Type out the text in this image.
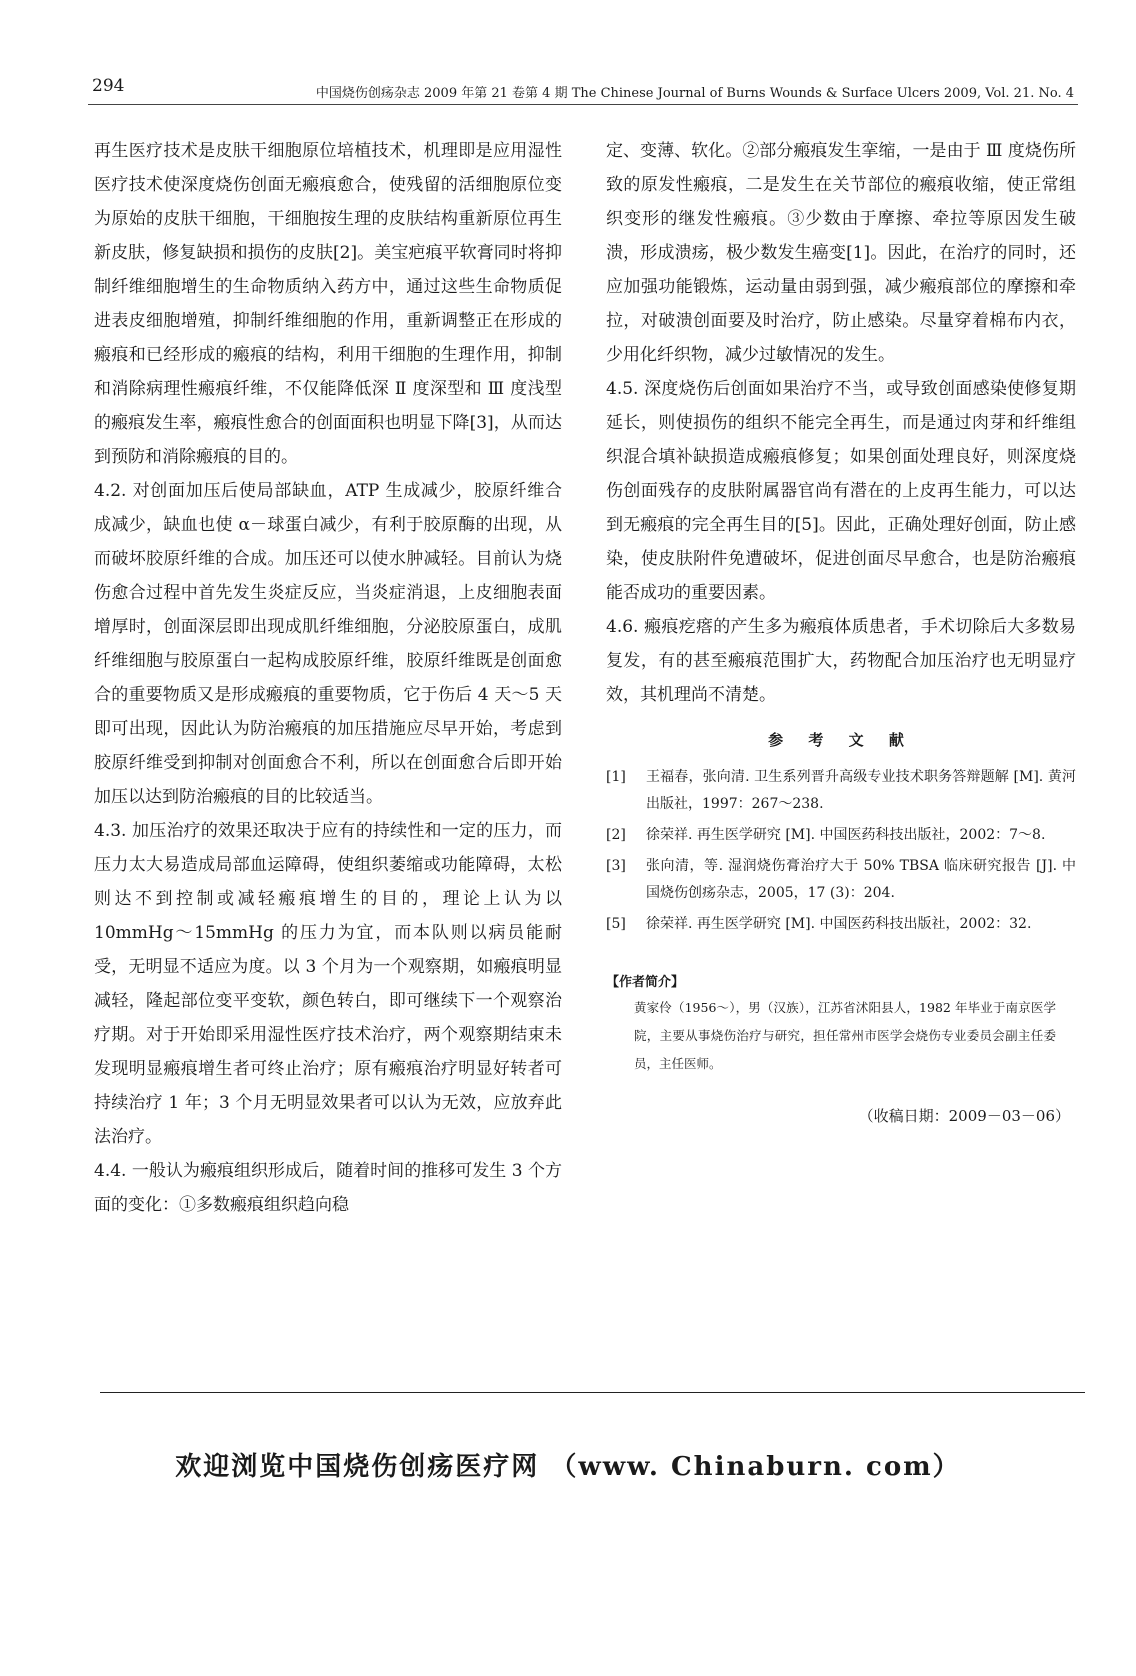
294	中国烧伤创疡杂志 2009 年第 21 卷第 4 期 The Chinese Journal of Burns Wounds & Surface Ulcers 2009, Vol. 21. No. 4

再生医疗技术是皮肤干细胞原位培植技术，机理即是应用湿性医疗技术使深度烧伤创面无瘢痕愈合，使残留的活细胞原位变为原始的皮肤干细胞，干细胞按生理的皮肤结构重新原位再生新皮肤，修复缺损和损伤的皮肤[2]。美宝疤痕平软膏同时将抑制纤维细胞增生的生命物质纳入药方中，通过这些生命物质促进表皮细胞增殖，抑制纤维细胞的作用，重新调整正在形成的瘢痕和已经形成的瘢痕的结构，利用干细胞的生理作用，抑制和消除病理性瘢痕纤维，不仅能降低深 Ⅱ 度深型和 Ⅲ 度浅型的瘢痕发生率，瘢痕性愈合的创面面积也明显下降[3]，从而达到预防和消除瘢痕的目的。

4.2. 对创面加压后使局部缺血，ATP 生成减少，胶原纤维合成减少，缺血也使 α－球蛋白减少，有利于胶原酶的出现，从而破坏胶原纤维的合成。加压还可以使水肿减轻。目前认为烧伤愈合过程中首先发生炎症反应，当炎症消退，上皮细胞表面增厚时，创面深层即出现成肌纤维细胞，分泌胶原蛋白，成肌纤维细胞与胶原蛋白一起构成胶原纤维，胶原纤维既是创面愈合的重要物质又是形成瘢痕的重要物质，它于伤后 4 天～5 天即可出现，因此认为防治瘢痕的加压措施应尽早开始，考虑到胶原纤维受到抑制对创面愈合不利，所以在创面愈合后即开始加压以达到防治瘢痕的目的比较适当。

4.3. 加压治疗的效果还取决于应有的持续性和一定的压力，而压力太大易造成局部血运障碍，使组织萎缩或功能障碍，太松则达不到控制或减轻瘢痕增生的目的，理论上认为以 10mmHg～15mmHg 的压力为宜，而本队则以病员能耐受，无明显不适应为度。以 3 个月为一个观察期，如瘢痕明显减轻，隆起部位变平变软，颜色转白，即可继续下一个观察治疗期。对于开始即采用湿性医疗技术治疗，两个观察期结束未发现明显瘢痕增生者可终止治疗；原有瘢痕治疗明显好转者可持续治疗 1 年；3 个月无明显效果者可以认为无效，应放弃此法治疗。

4.4. 一般认为瘢痕组织形成后，随着时间的推移可发生 3 个方面的变化：①多数瘢痕组织趋向稳

定、变薄、软化。②部分瘢痕发生挛缩，一是由于 Ⅲ 度烧伤所致的原发性瘢痕，二是发生在关节部位的瘢痕收缩，使正常组织变形的继发性瘢痕。③少数由于摩擦、牵拉等原因发生破溃，形成溃疡，极少数发生癌变[1]。因此，在治疗的同时，还应加强功能锻炼，运动量由弱到强，减少瘢痕部位的摩擦和牵拉，对破溃创面要及时治疗，防止感染。尽量穿着棉布内衣，少用化纤织物，减少过敏情况的发生。

4.5. 深度烧伤后创面如果治疗不当，或导致创面感染使修复期延长，则使损伤的组织不能完全再生，而是通过肉芽和纤维组织混合填补缺损造成瘢痕修复；如果创面处理良好，则深度烧伤创面残存的皮肤附属器官尚有潜在的上皮再生能力，可以达到无瘢痕的完全再生目的[5]。因此，正确处理好创面，防止感染，使皮肤附件免遭破坏，促进创面尽早愈合，也是防治瘢痕能否成功的重要因素。

4.6. 瘢痕疙瘩的产生多为瘢痕体质患者，手术切除后大多数易复发，有的甚至瘢痕范围扩大，药物配合加压治疗也无明显疗效，其机理尚不清楚。

参 考 文 献
[1]	王福春，张向清. 卫生系列晋升高级专业技术职务答辩题解 [M]. 黄河出版社，1997：267～238.
[2]	徐荣祥. 再生医学研究 [M]. 中国医药科技出版社，2002：7～8.
[3]	张向清，等. 湿润烧伤膏治疗大于 50% TBSA 临床研究报告 [J]. 中国烧伤创疡杂志，2005，17 (3)：204.
[5]	徐荣祥. 再生医学研究 [M]. 中国医药科技出版社，2002：32.
【作者简介】
黄家伶（1956～），男（汉族），江苏省沭阳县人，1982 年毕业于南京医学院，主要从事烧伤治疗与研究，担任常州市医学会烧伤专业委员会副主任委员，主任医师。
（收稿日期：2009－03－06）
欢迎浏览中国烧伤创疡医疗网 （www. Chinaburn. com）
